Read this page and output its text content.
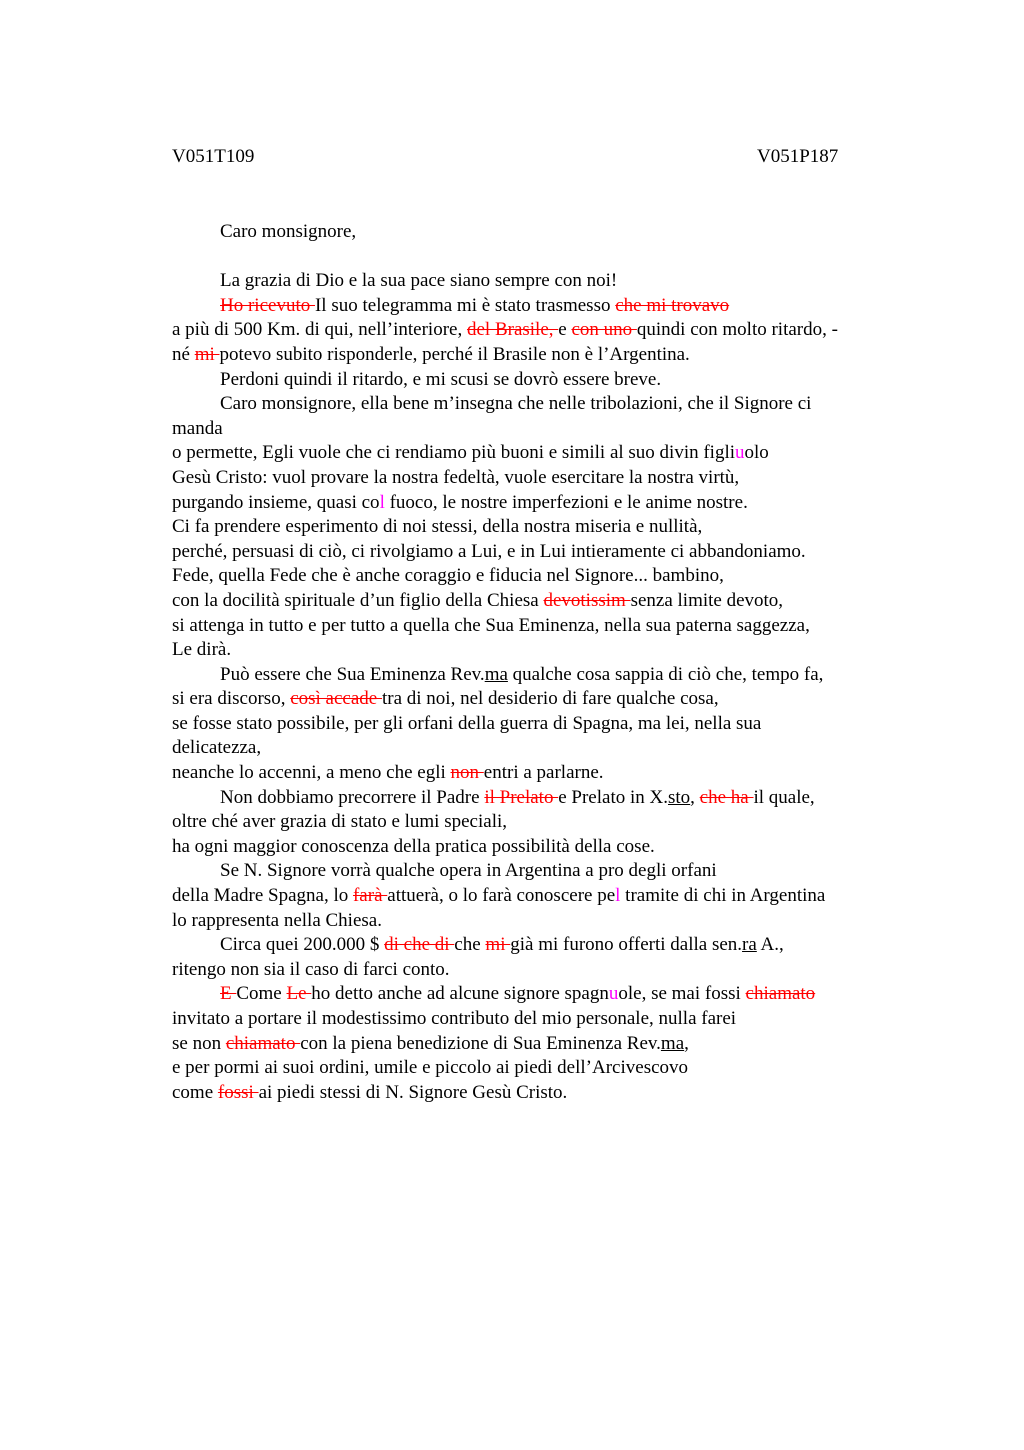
V051T109	V051P187
Caro monsignore,
La grazia di Dio e la sua pace siano sempre con noi!
Ho ricevuto Il suo telegramma mi è stato trasmesso che mi trovavo
a più di 500 Km. di qui, nell’interiore, del Brasile, e con uno quindi con molto ritardo, -
né mi potevo subito risponderle, perché il Brasile non è l’Argentina.
Perdoni quindi il ritardo, e mi scusi se dovrò essere breve.
Caro monsignore, ella bene m’insegna che nelle tribolazioni, che il Signore ci
manda
o permette, Egli vuole che ci rendiamo più buoni e simili al suo divin figliuolo
Gesù Cristo: vuol provare la nostra fedeltà, vuole esercitare la nostra virtù,
purgando insieme, quasi col fuoco, le nostre imperfezioni e le anime nostre.
Ci fa prendere esperimento di noi stessi, della nostra miseria e nullità,
perché, persuasi di ciò, ci rivolgiamo a Lui, e in Lui intieramente ci abbandoniamo.
Fede, quella Fede che è anche coraggio e fiducia nel Signore... bambino,
con la docilità spirituale d’un figlio della Chiesa devotissim senza limite devoto,
si attenga in tutto e per tutto a quella che Sua Eminenza, nella sua paterna saggezza,
Le dirà.
Può essere che Sua Eminenza Rev.ma qualche cosa sappia di ciò che, tempo fa,
si era discorso, così accade tra di noi, nel desiderio di fare qualche cosa,
se fosse stato possibile, per gli orfani della guerra di Spagna, ma lei, nella sua
delicatezza,
neanche lo accenni, a meno che egli non entri a parlarne.
Non dobbiamo precorrere il Padre il Prelato e Prelato in X.sto, che ha il quale,
oltre ché aver grazia di stato e lumi speciali,
ha ogni maggior conoscenza della pratica possibilità della cose.
Se N. Signore vorrà qualche opera in Argentina a pro degli orfani
della Madre Spagna, lo farà attuerà, o lo farà conoscere pel tramite di chi in Argentina
lo rappresenta nella Chiesa.
Circa quei 200.000 $ di che di che mi già mi furono offerti dalla sen.ra A.,
ritengo non sia il caso di farci conto.
E Come Le ho detto anche ad alcune signore spagnuole, se mai fossi chiamato
invitato a portare il modestissimo contributo del mio personale, nulla farei
se non chiamato con la piena benedizione di Sua Eminenza Rev.ma,
e per pormi ai suoi ordini, umile e piccolo ai piedi dell’Arcivescovo
come fossi ai piedi stessi di N. Signore Gesù Cristo.
